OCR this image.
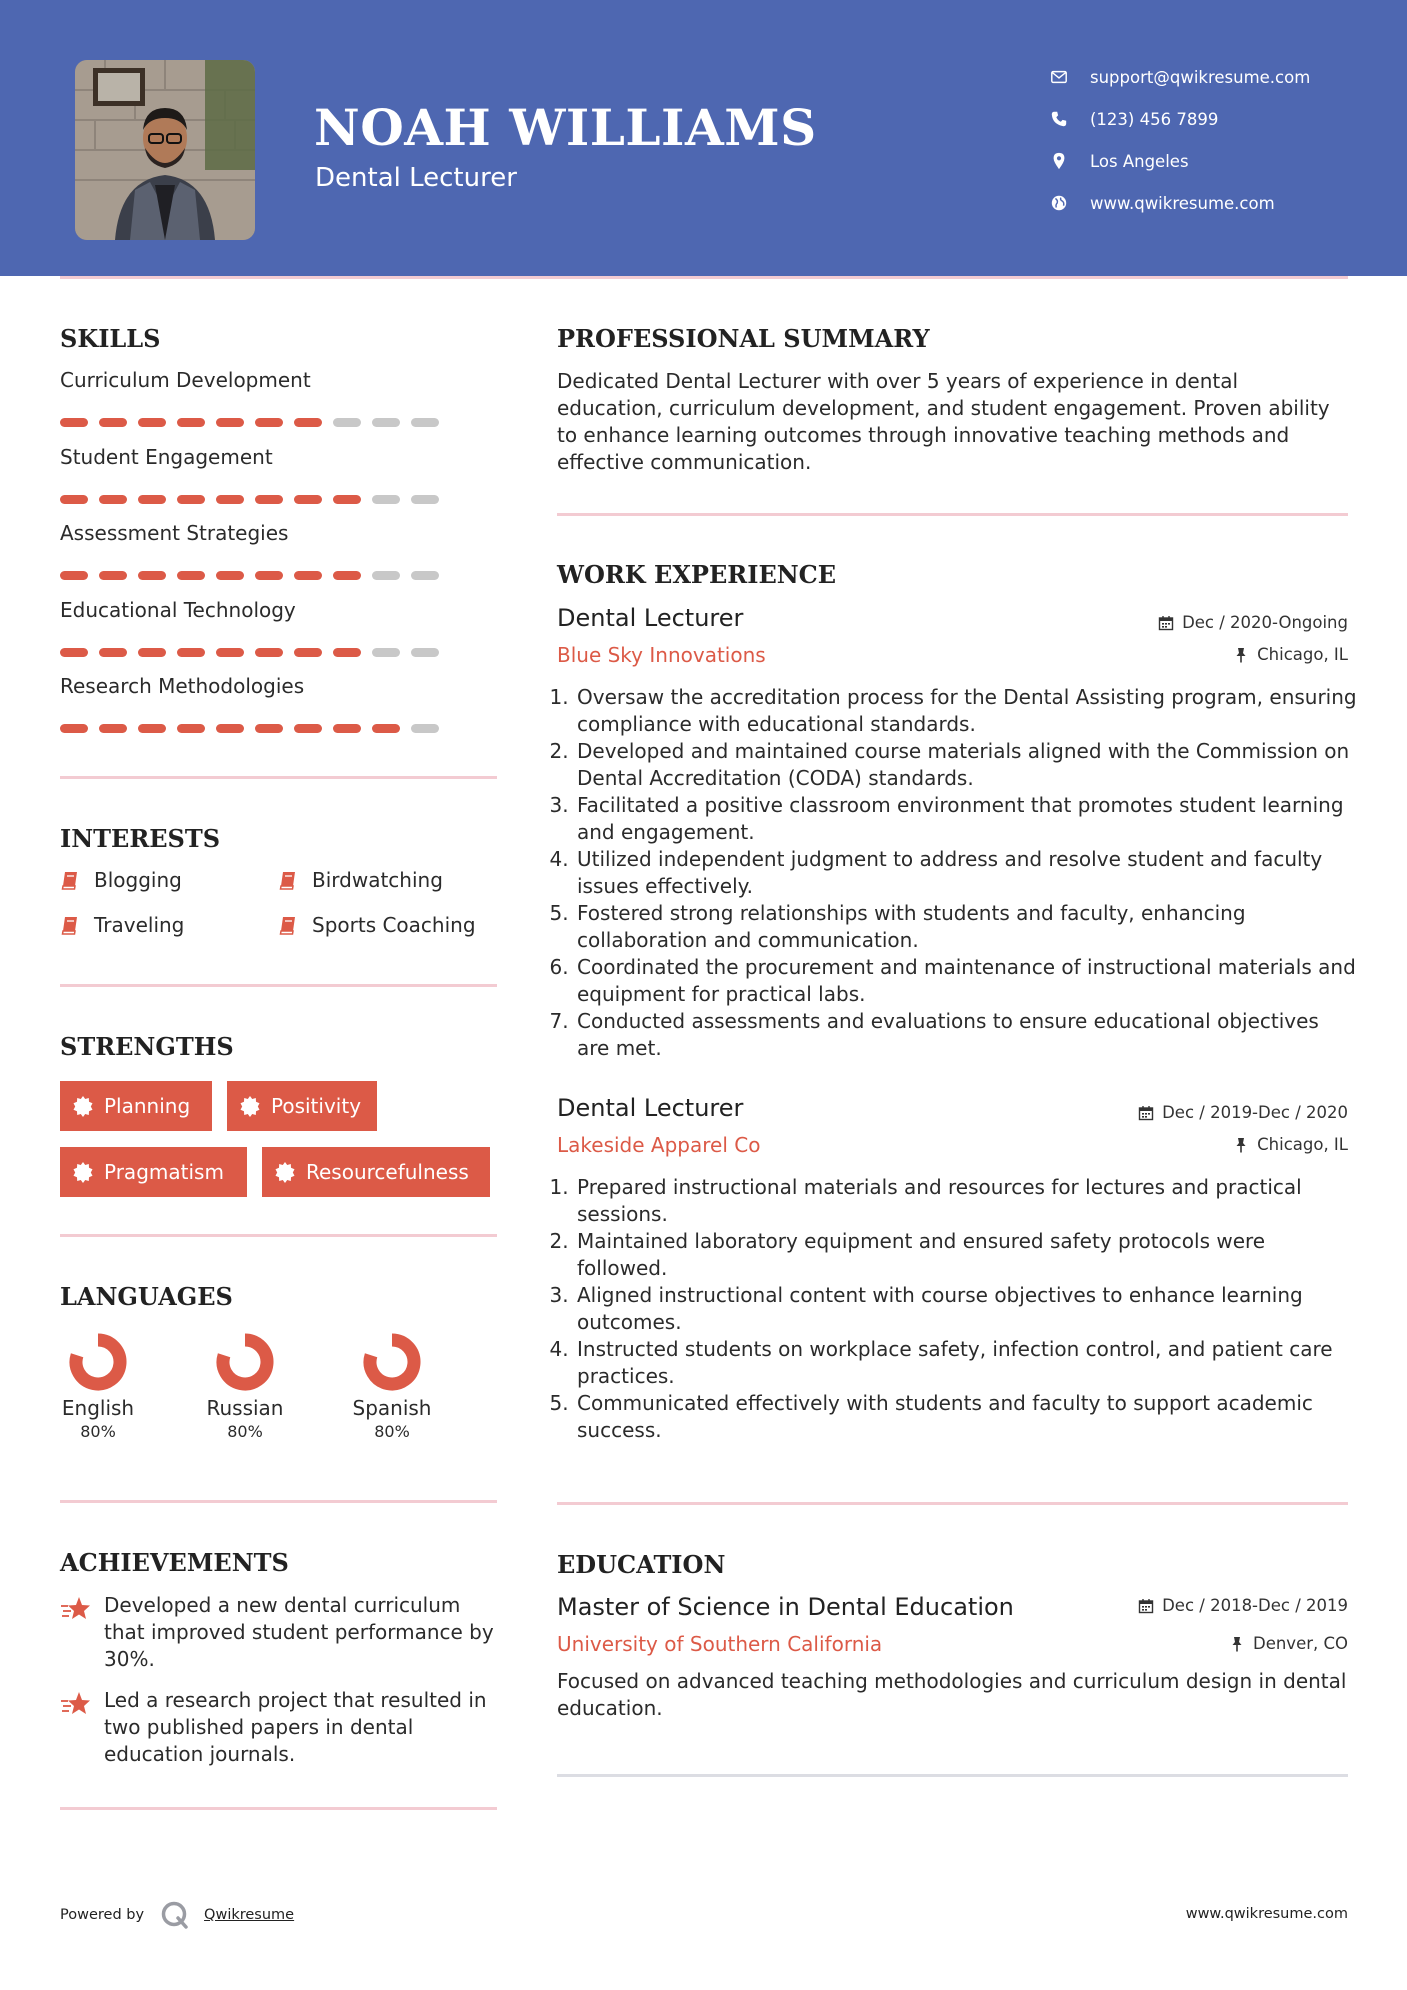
NOAH WILLIAMS
Dental Lecturer
support@qwikresume.com
(123) 456 7899
Los Angeles
www.qwikresume.com
SKILLS
Curriculum Development
Student Engagement
Assessment Strategies
Educational Technology
Research Methodologies
INTERESTS
Blogging	Birdwatching
Traveling	Sports Coaching
STRENGTHS
Planning	Positivity
Pragmatism	Resourcefulness
LANGUAGES
English
80%
Russian
80%
Spanish
80%
ACHIEVEMENTS
Developed a new dental curriculum that improved student performance by 30%.
Led a research project that resulted in two published papers in dental education journals.
PROFESSIONAL SUMMARY
Dedicated Dental Lecturer with over 5 years of experience in dental education, curriculum development, and student engagement. Proven ability to enhance learning outcomes through innovative teaching methods and effective communication.
WORK EXPERIENCE
Dental Lecturer	Dec / 2020-Ongoing
Blue Sky Innovations	Chicago, IL
1. Oversaw the accreditation process for the Dental Assisting program, ensuring compliance with educational standards.
2. Developed and maintained course materials aligned with the Commission on Dental Accreditation (CODA) standards.
3. Facilitated a positive classroom environment that promotes student learning and engagement.
4. Utilized independent judgment to address and resolve student and faculty issues effectively.
5. Fostered strong relationships with students and faculty, enhancing collaboration and communication.
6. Coordinated the procurement and maintenance of instructional materials and equipment for practical labs.
7. Conducted assessments and evaluations to ensure educational objectives are met.
Dental Lecturer	Dec / 2019-Dec / 2020
Lakeside Apparel Co	Chicago, IL
1. Prepared instructional materials and resources for lectures and practical sessions.
2. Maintained laboratory equipment and ensured safety protocols were followed.
3. Aligned instructional content with course objectives to enhance learning outcomes.
4. Instructed students on workplace safety, infection control, and patient care practices.
5. Communicated effectively with students and faculty to support academic success.
EDUCATION
Master of Science in Dental Education	Dec / 2018-Dec / 2019
University of Southern California	Denver, CO
Focused on advanced teaching methodologies and curriculum design in dental education.
Powered by	Qwikresume	www.qwikresume.com
